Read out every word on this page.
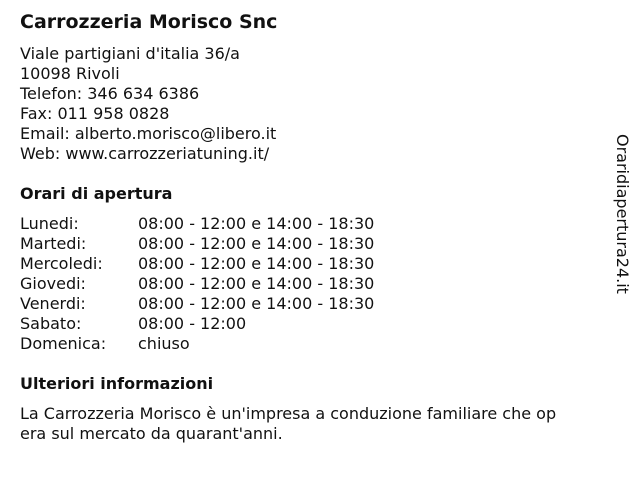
Carrozzeria Morisco Snc
Viale partigiani d'italia 36/a
10098 Rivoli
Telefon: 346 634 6386
Fax: 011 958 0828
Email: alberto.morisco@libero.it
Web: www.carrozzeriatuning.it/
Orari di apertura
Lunedi:	08:00 - 12:00 e 14:00 - 18:30
Martedi:	08:00 - 12:00 e 14:00 - 18:30
Mercoledi:	08:00 - 12:00 e 14:00 - 18:30
Giovedi:	08:00 - 12:00 e 14:00 - 18:30
Venerdi:	08:00 - 12:00 e 14:00 - 18:30
Sabato:	08:00 - 12:00
Domenica:	chiuso
Ulteriori informazioni
La Carrozzeria Morisco è un'impresa a conduzione familiare che op
era sul mercato da quarant'anni.
Oraridiapertura24.it
